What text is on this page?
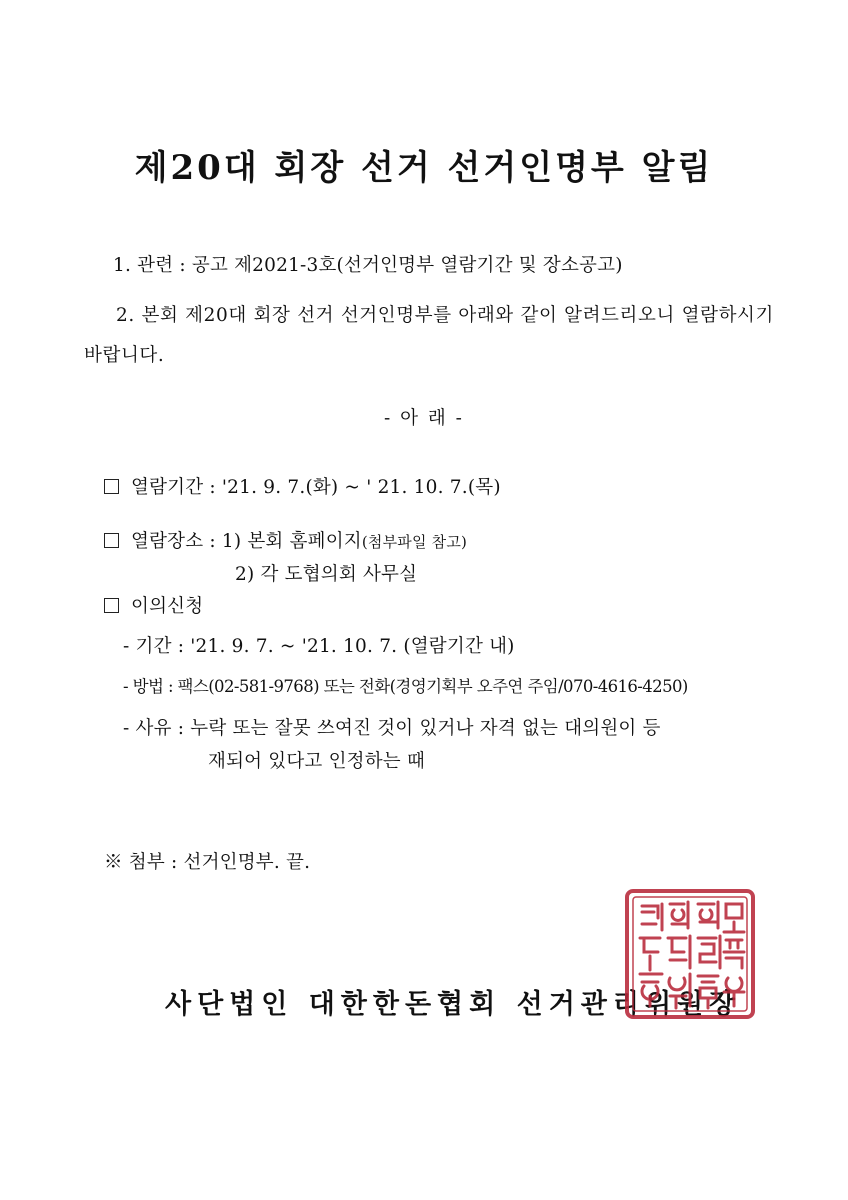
제20대 회장 선거 선거인명부 알림
1. 관련 : 공고 제2021-3호(선거인명부 열람기간 및 장소공고)
2. 본회 제20대 회장 선거 선거인명부를 아래와 같이 알려드리오니 열람하시기 바랍니다.
- 아 래 -
열람기간 : '21. 9. 7.(화) ~ ' 21. 10. 7.(목)
열람장소 : 1) 본회 홈페이지(첨부파일 참고)
2) 각 도협의회 사무실
이의신청
- 기간 : '21. 9. 7. ~ '21. 10. 7. (열람기간 내)
- 방법 : 팩스(02-581-9768) 또는 전화(경영기획부 오주연 주임/070-4616-4250)
- 사유 : 누락 또는 잘못 쓰여진 것이 있거나 자격 없는 대의원이 등
재되어 있다고 인정하는 때
※ 첨부 : 선거인명부. 끝.
사단법인 대한한돈협회 선거관리위원장
